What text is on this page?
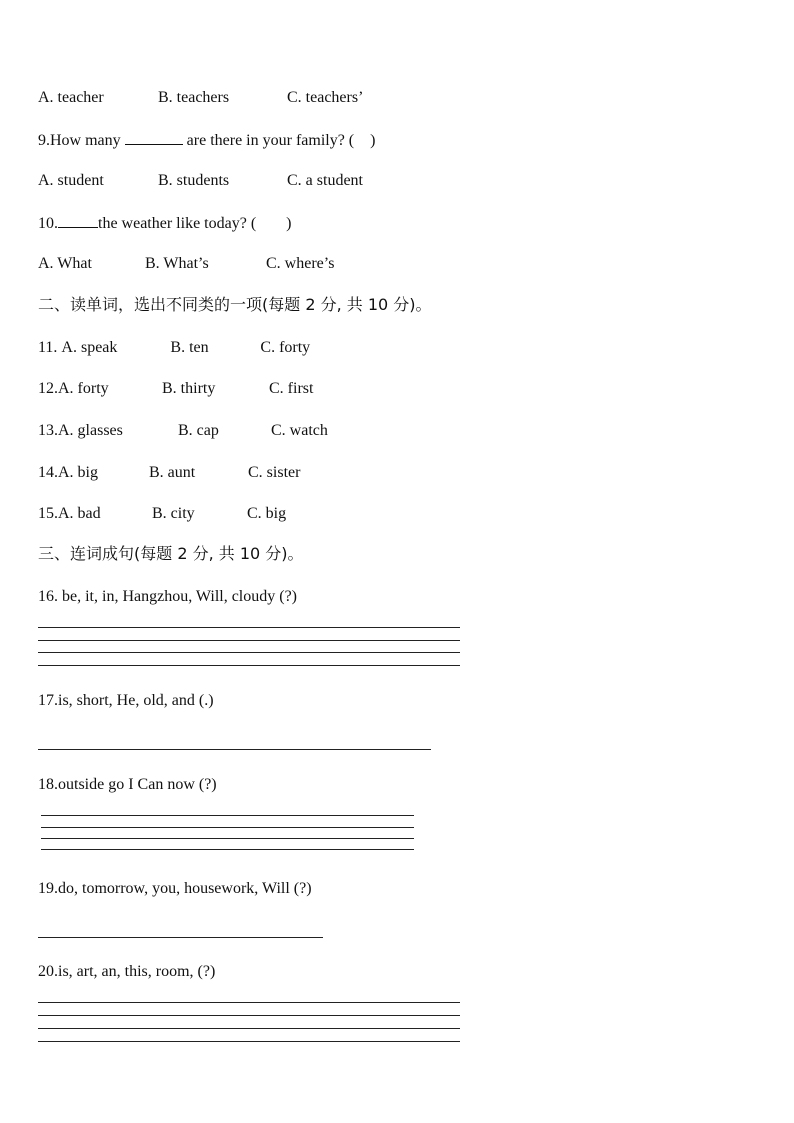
A. teacher	B. teachers	C. teachers’
9.How many	are there in your family? ( )
A. student	B. students	C. a student
10.	the weather like today? ( )
A. What	B. What’s	C. where’s
二、读单词，选出不同类的一项(每题 2 分, 共 10 分)。
11. A. speak	B. ten	C. forty
12.A. forty	B. thirty	C. first
13.A. glasses	B. cap	C. watch
14.A. big	B. aunt	C. sister
15.A. bad	B. city	C. big
三、连词成句(每题 2 分, 共 10 分)。
16. be, it, in, Hangzhou, Will, cloudy (?)
17.is, short, He, old, and (.)
18.outside go I Can now (?)
19.do, tomorrow, you, housework, Will (?)
20.is, art, an, this, room, (?)
